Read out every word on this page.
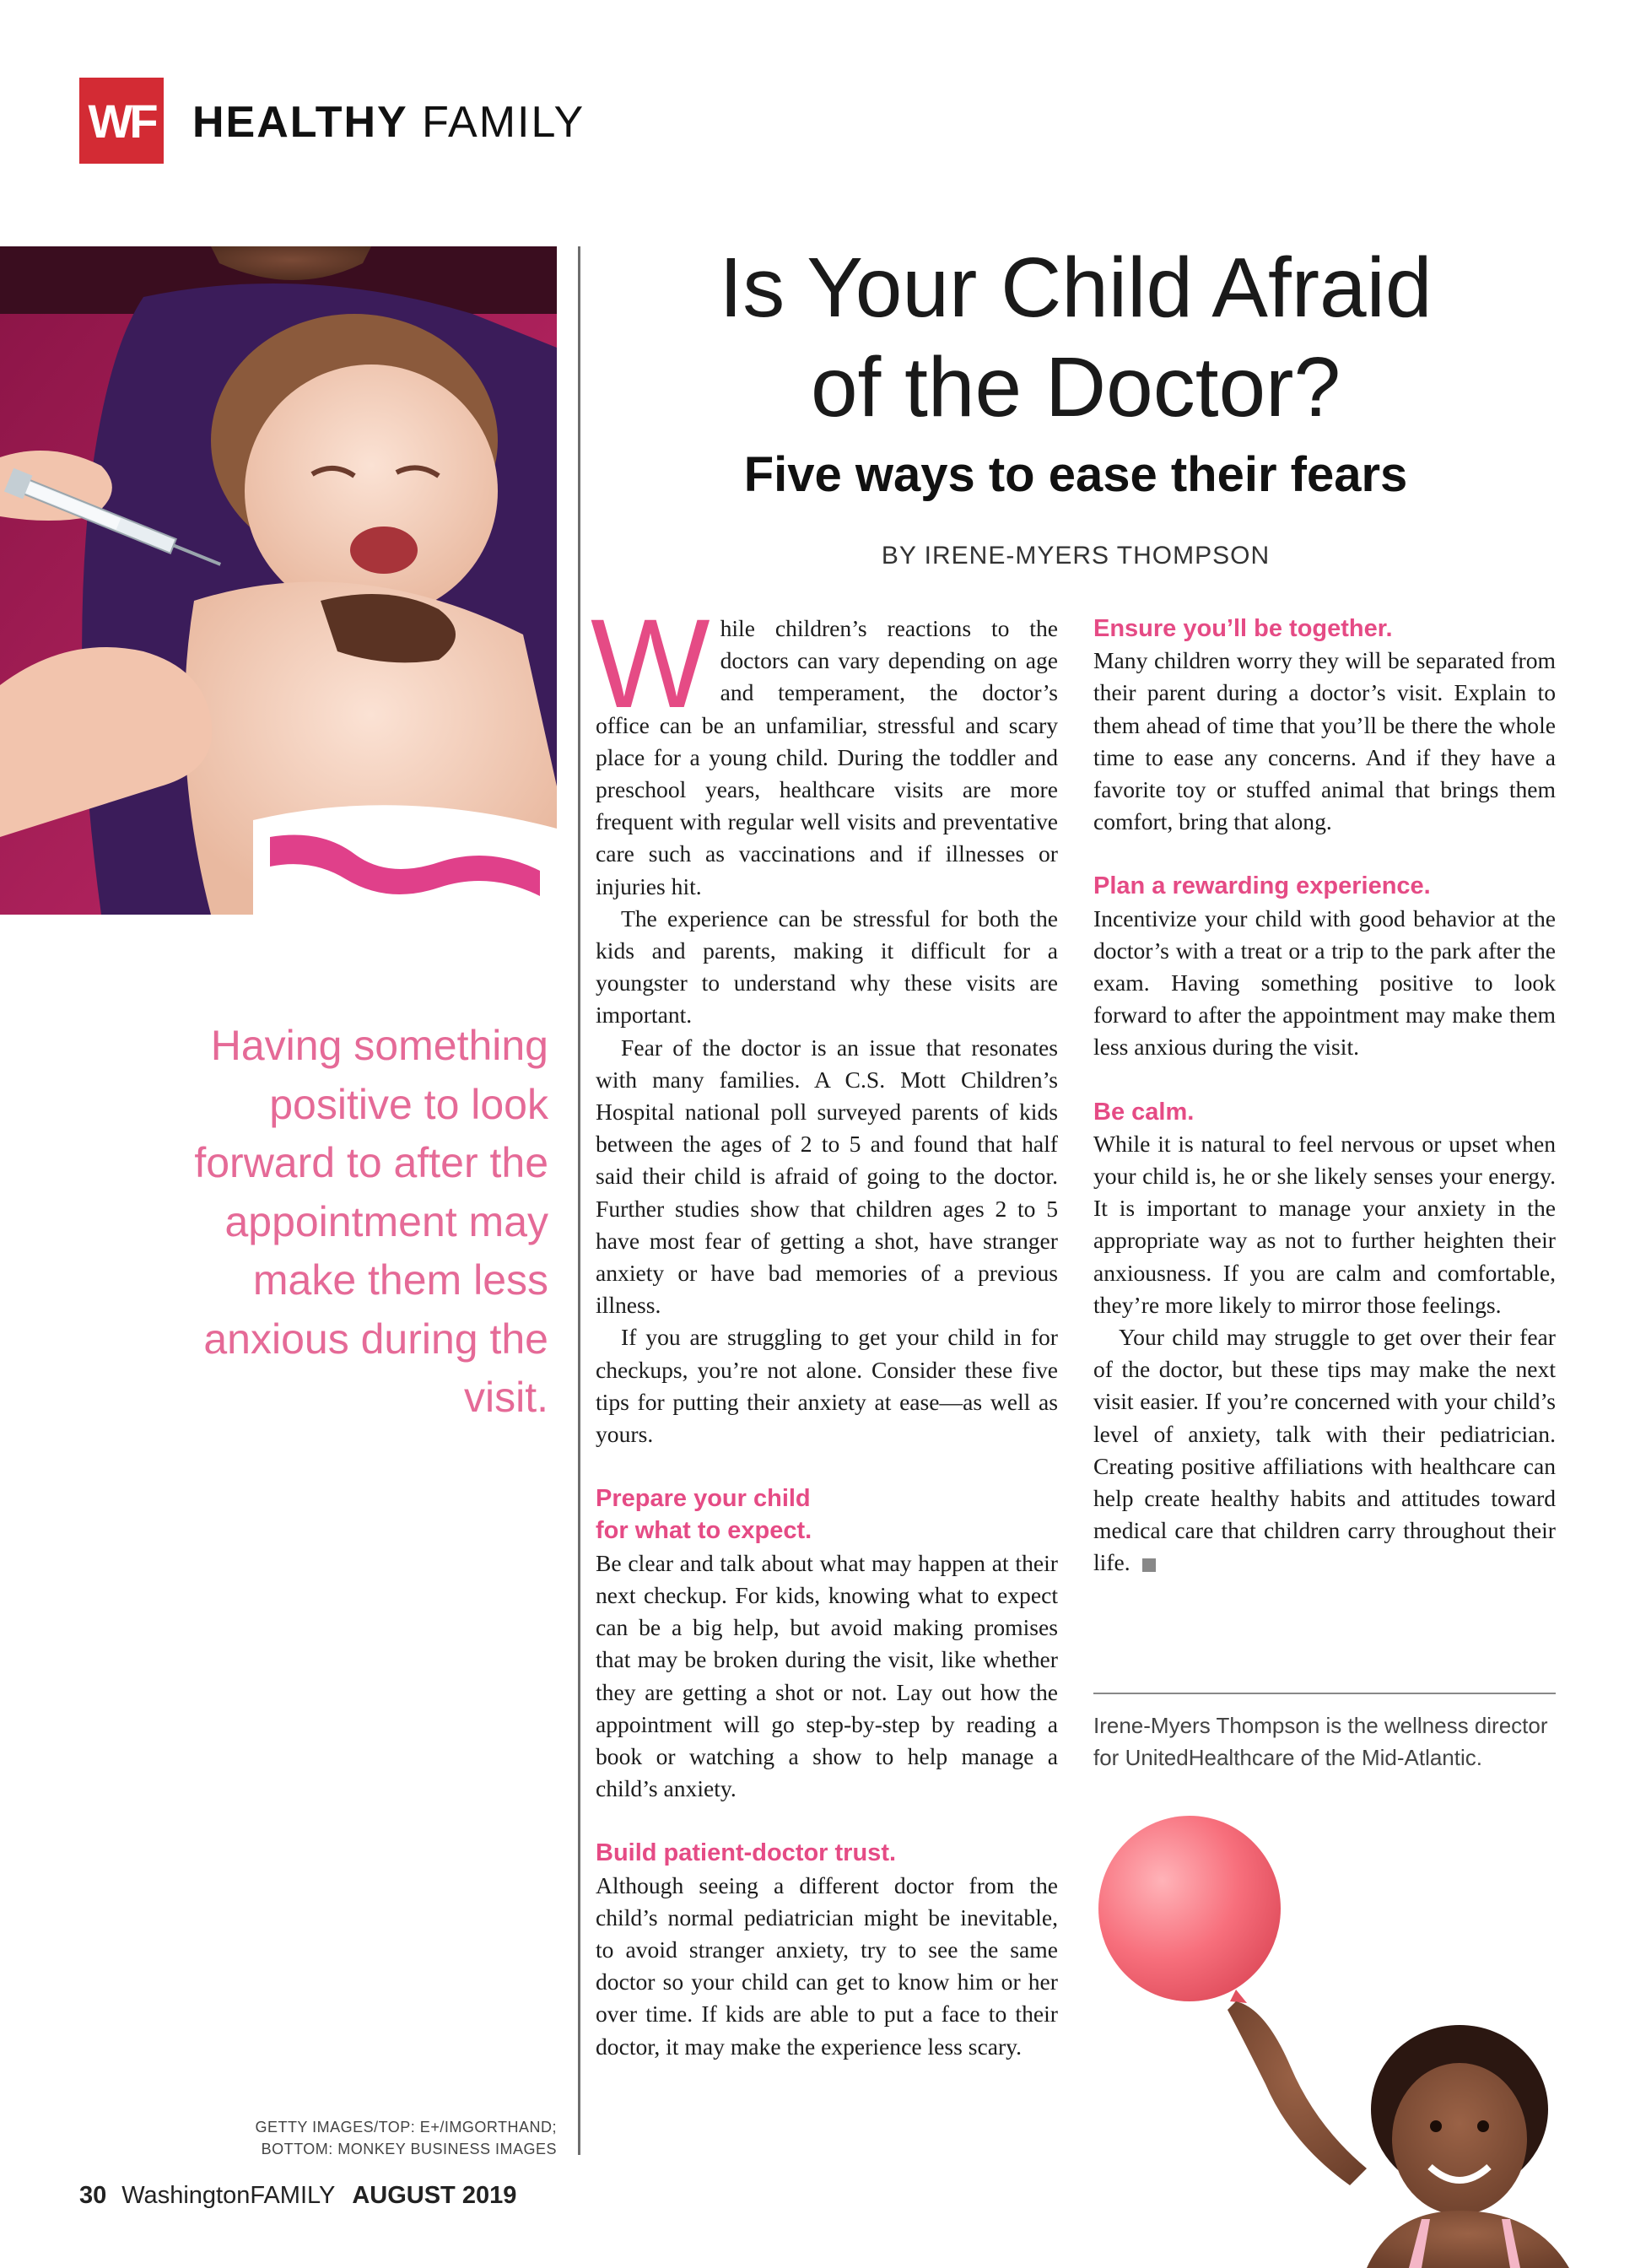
WF HEALTHY FAMILY
Is Your Child Afraid
of the Doctor?
Five ways to ease their fears
BY IRENE-MYERS THOMPSON
Having something positive to look forward to after the appointment may make them less anxious during the visit.

While children’s reactions to the doctors can vary depending on age and temperament, the doctor’s office can be an unfamiliar, stressful and scary place for a young child. During the toddler and preschool years, healthcare visits are more frequent with regular well visits and preventative care such as vaccinations and if illnesses or injuries hit.

The experience can be stressful for both the kids and parents, making it difficult for a youngster to understand why these visits are important.

Fear of the doctor is an issue that resonates with many families. A C.S. Mott Children’s Hospital national poll surveyed parents of kids between the ages of 2 to 5 and found that half said their child is afraid of going to the doctor. Further studies show that children ages 2 to 5 have most fear of getting a shot, have stranger anxiety or have bad memories of a previous illness.

If you are struggling to get your child in for checkups, you’re not alone. Consider these five tips for putting their anxiety at ease—as well as yours.

Prepare your child
for what to expect.

Be clear and talk about what may happen at their next checkup. For kids, knowing what to expect can be a big help, but avoid making promises that may be broken during the visit, like whether they are getting a shot or not. Lay out how the appointment will go step-by-step by reading a book or watching a show to help manage a child’s anxiety.

Build patient-doctor trust.

Although seeing a different doctor from the child’s normal pediatrician might be inevitable, to avoid stranger anxiety, try to see the same doctor so your child can get to know him or her over time. If kids are able to put a face to their doctor, it may make the experience less scary.

Ensure you’ll be together.

Many children worry they will be separated from their parent during a doctor’s visit. Explain to them ahead of time that you’ll be there the whole time to ease any concerns. And if they have a favorite toy or stuffed animal that brings them comfort, bring that along.

Plan a rewarding experience.

Incentivize your child with good behavior at the doctor’s with a treat or a trip to the park after the exam. Having something positive to look forward to after the appointment may make them less anxious during the visit.

Be calm.

While it is natural to feel nervous or upset when your child is, he or she likely senses your energy. It is important to manage your anxiety in the appropriate way as not to further heighten their anxiousness. If you are calm and comfortable, they’re more likely to mirror those feelings.

Your child may struggle to get over their fear of the doctor, but these tips may make the next visit easier. If you’re concerned with your child’s level of anxiety, talk with their pediatrician. Creating positive affiliations with healthcare can help create healthy habits and attitudes toward medical care that children carry throughout their life.

Irene-Myers Thompson is the wellness director for UnitedHealthcare of the Mid-Atlantic.
GETTY IMAGES/TOP: E+/IMGORTHAND;
BOTTOM: MONKEY BUSINESS IMAGES
30 WashingtonFAMILY AUGUST 2019
